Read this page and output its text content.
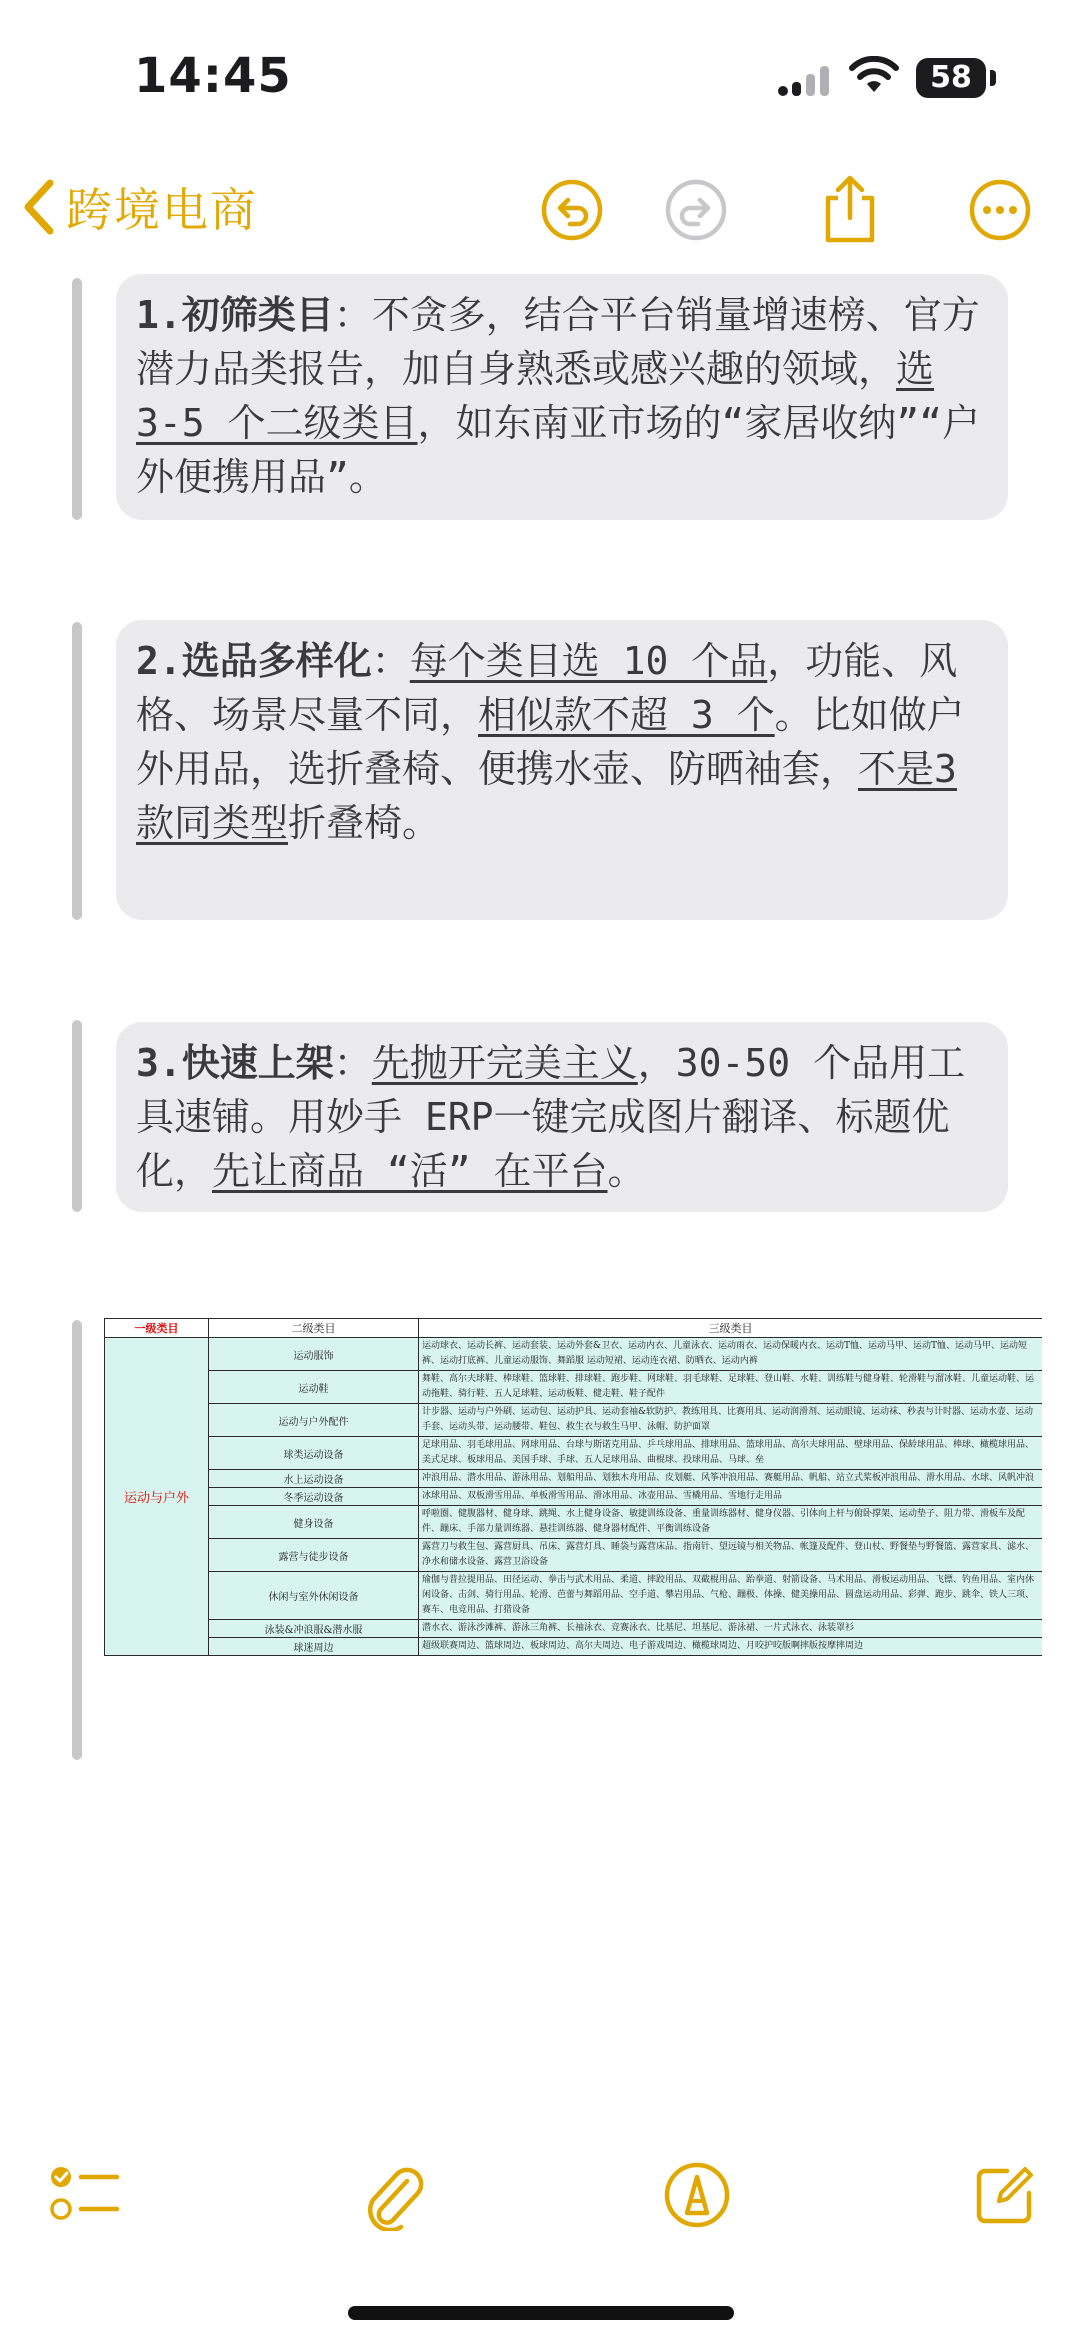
14:45	58
跨境电商
1.初筛类目：不贪多，结合平台销量增速榜、官方潜力品类报告，加自身熟悉或感兴趣的领域，选 3-5 个二级类目，如东南亚市场的“家居收纳”“户外便携用品”。
2.选品多样化：每个类目选 10 个品，功能、风格、场景尽量不同，相似款不超 3 个。比如做户外用品，选折叠椅、便携水壶、防晒袖套，不是3款同类型折叠椅。
3.快速上架：先抛开完美主义，30-50 个品用工具速铺。用妙手 ERP一键完成图片翻译、标题优化，先让商品 “活” 在平台。
一级类目	二级类目	三级类目
运动与户外	运动服饰	运动球衣、运动长裤、运动套装、运动外套&卫衣、运动内衣、儿童泳衣、运动雨衣、运动保暖内衣、运动T恤、运动马甲、运动T恤、运动马甲、运动短裤、运动打底裤、儿童运动服饰、舞蹈服 运动短裙、运动连衣裙、防晒衣、运动内裤
	运动鞋	舞鞋、高尔夫球鞋、棒球鞋、篮球鞋、排球鞋、跑步鞋、网球鞋、羽毛球鞋、足球鞋、登山鞋、水鞋、训练鞋与健身鞋、轮滑鞋与溜冰鞋、儿童运动鞋、运动拖鞋、骑行鞋、五人足球鞋、运动板鞋、健走鞋、鞋子配件
	运动与户外配件	计步器、运动与户外刷、运动包、运动护具、运动套袖&软防护、教练用具、比赛用具、运动润滑剂、运动眼镜、运动袜、秒表与计时器、运动水壶、运动手套、运动头带、运动腰带、鞋包、救生衣与救生马甲、泳帽、防护面罩
	球类运动设备	足球用品、羽毛球用品、网球用品、台球与斯诺克用品、乒乓球用品、排球用品、篮球用品、高尔夫球用品、壁球用品、保龄球用品、棒球、橄榄球用品、美式足球、板球用品、美国手球、手球、五人足球用品、曲棍球、投球用品、马球、垒
	水上运动设备	冲浪用品、潜水用品、游泳用品、划船用品、划独木舟用品、皮划艇、风筝冲浪用品、赛艇用品、帆船、站立式桨板冲浪用品、滑水用品、水球、风帆冲浪
	冬季运动设备	冰球用品、双板滑雪用品、单板滑雪用品、滑冰用品、冰壶用品、雪橇用品、雪地行走用品
	健身设备	呼啦圈、健腹器材、健身球、跳绳、水上健身设备、敏捷训练设备、重量训练器材、健身仪器、引体向上杆与俯卧撑架、运动垫子、阻力带、滑板车及配件、蹦床、手部力量训练器、悬挂训练器、健身器材配件、平衡训练设备
	露营与徒步设备	露营刀与救生包、露营厨具、吊床、露营灯具、睡袋与露营床品、指南针、望远镜与相关物品、帐篷及配件、登山杖、野餐垫与野餐篮、露营家具、滤水、净水和储水设备、露营卫浴设备
	休闲与室外休闲设备	瑜伽与普拉提用品、田径运动、拳击与武术用品、柔道、摔跤用品、双截棍用品、跆拳道、射箭设备、马术用品、滑板运动用品、飞镖、钓鱼用品、室内休闲设备、击剑、骑行用品、轮滑、芭蕾与舞蹈用品、空手道、攀岩用品、气枪、蹦极、体操、健美操用品、圆盘运动用品、彩弹、跑步、跳伞、铁人三项、赛车、电竞用品、打猎设备
	泳装&冲浪服&潜水服	潜水衣、游泳沙滩裤、游泳三角裤、长袖泳衣、竞赛泳衣、比基尼、坦基尼、游泳裙、一片式泳衣、泳装罩衫
	球迷周边	超级联赛周边、篮球周边、板球周边、高尔夫周边、电子游戏周边、橄榄球周边、月咬护咬版啊摔版按摩摔周边
